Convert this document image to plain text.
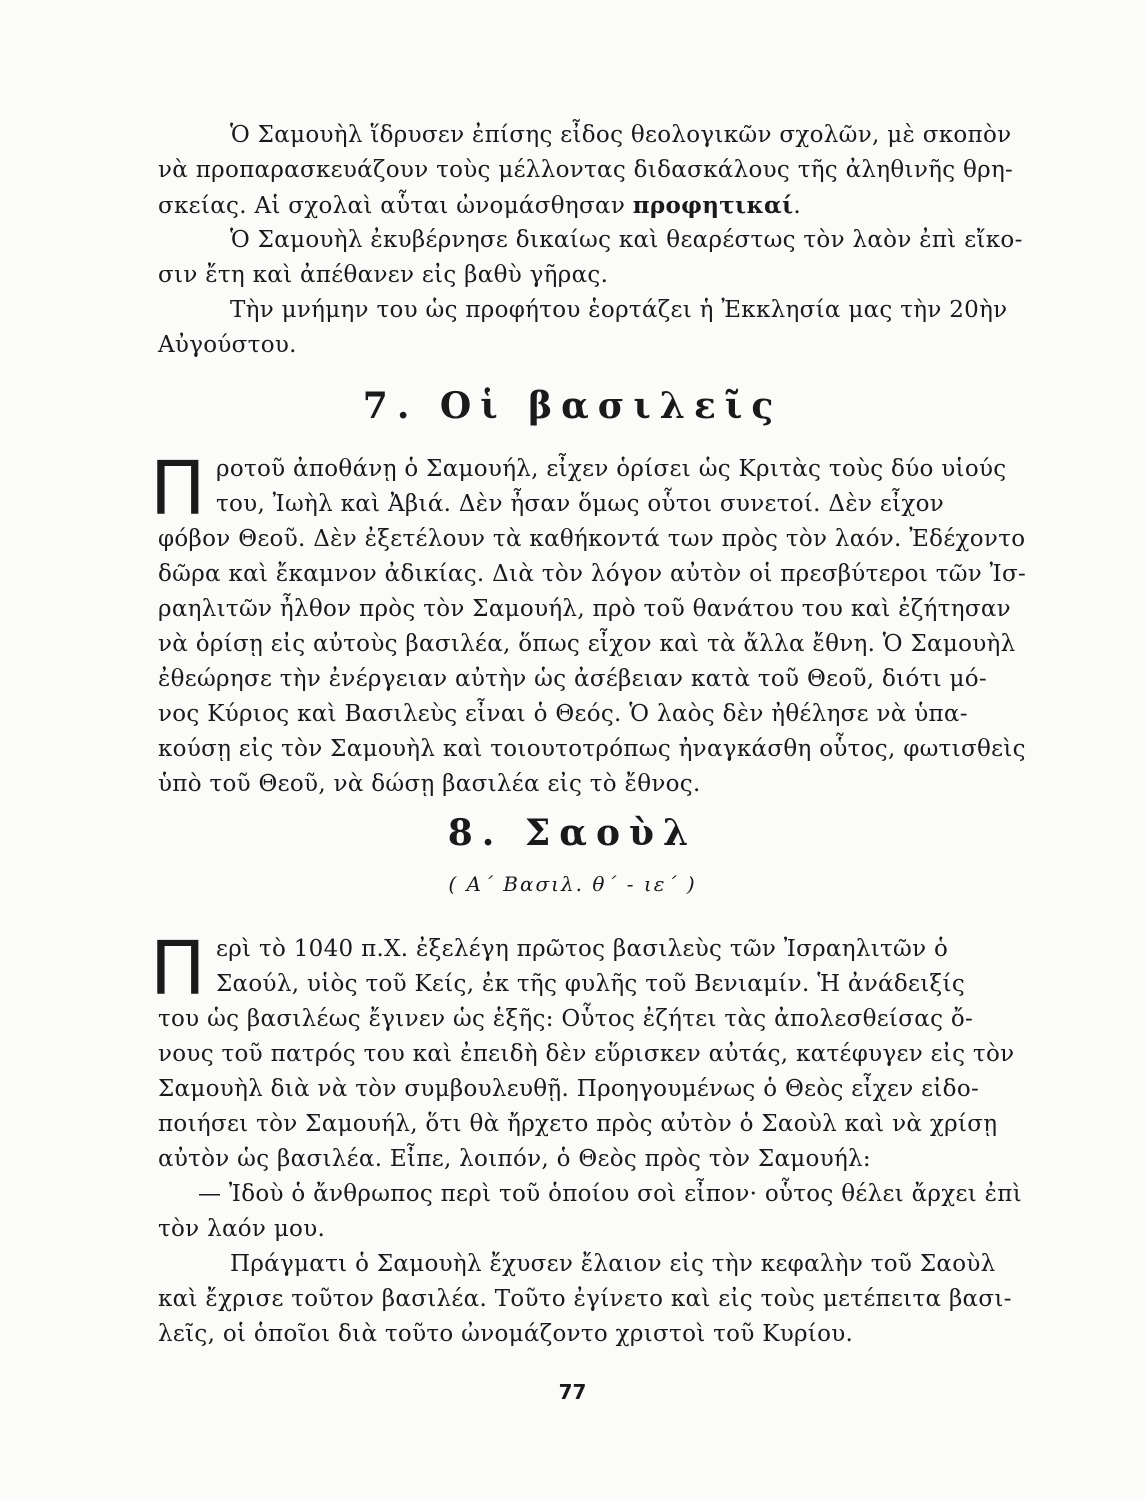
Ὁ Σαμουὴλ ἵδρυσεν ἐπίσης εἶδος θεολογικῶν σχολῶν, μὲ σκοπὸν
νὰ προπαρασκευάζουν τοὺς μέλλοντας διδασκάλους τῆς ἀληθινῆς θρη-
σκείας. Αἱ σχολαὶ αὗται ὠνομάσθησαν προφητικαί.
Ὁ Σαμουὴλ ἐκυβέρνησε δικαίως καὶ θεαρέστως τὸν λαὸν ἐπὶ εἴκο-
σιν ἔτη καὶ ἀπέθανεν εἰς βαθὺ γῆρας.
Τὴν μνήμην του ὡς προφήτου ἑορτάζει ἡ Ἐκκλησία μας τὴν 20ὴν
Αὐγούστου.
7. Οἱ βασιλεῖς
Π ροτοῦ ἀποθάνῃ ὁ Σαμουήλ, εἶχεν ὁρίσει ὡς Κριτὰς τοὺς δύο υἱούς
του, Ἰωὴλ καὶ Ἀβιά. Δὲν ἦσαν ὅμως οὗτοι συνετοί. Δὲν εἶχον
φόβον Θεοῦ. Δὲν ἐξετέλουν τὰ καθήκοντά των πρὸς τὸν λαόν. Ἐδέχοντο
δῶρα καὶ ἔκαμνον ἀδικίας. Διὰ τὸν λόγον αὐτὸν οἱ πρεσβύτεροι τῶν Ἰσ-
ραηλιτῶν ἦλθον πρὸς τὸν Σαμουήλ, πρὸ τοῦ θανάτου του καὶ ἐζήτησαν
νὰ ὁρίσῃ εἰς αὐτοὺς βασιλέα, ὅπως εἶχον καὶ τὰ ἄλλα ἔθνη. Ὁ Σαμουὴλ
ἐθεώρησε τὴν ἐνέργειαν αὐτὴν ὡς ἀσέβειαν κατὰ τοῦ Θεοῦ, διότι μό-
νος Κύριος καὶ Βασιλεὺς εἶναι ὁ Θεός. Ὁ λαὸς δὲν ἠθέλησε νὰ ὑπα-
κούσῃ εἰς τὸν Σαμουὴλ καὶ τοιουτοτρόπως ἠναγκάσθη οὗτος, φωτισθεὶς
ὑπὸ τοῦ Θεοῦ, νὰ δώσῃ βασιλέα εἰς τὸ ἔθνος.
8. Σαοὺλ
( Α΄ Βασιλ. θ΄ - ιε΄ )
Π ερὶ τὸ 1040 π.Χ. ἐξελέγη πρῶτος βασιλεὺς τῶν Ἰσραηλιτῶν ὁ
Σαούλ, υἱὸς τοῦ Κείς, ἐκ τῆς φυλῆς τοῦ Βενιαμίν. Ἡ ἀνάδειξίς
του ὡς βασιλέως ἔγινεν ὡς ἑξῆς: Οὗτος ἐζήτει τὰς ἀπολεσθείσας ὄ-
νους τοῦ πατρός του καὶ ἐπειδὴ δὲν εὕρισκεν αὐτάς, κατέφυγεν εἰς τὸν
Σαμουὴλ διὰ νὰ τὸν συμβουλευθῇ. Προηγουμένως ὁ Θεὸς εἶχεν εἰδο-
ποιήσει τὸν Σαμουήλ, ὅτι θὰ ἤρχετο πρὸς αὐτὸν ὁ Σαοὺλ καὶ νὰ χρίσῃ
αὐτὸν ὡς βασιλέα. Εἶπε, λοιπόν, ὁ Θεὸς πρὸς τὸν Σαμουήλ:
— Ἰδοὺ ὁ ἄνθρωπος περὶ τοῦ ὁποίου σοὶ εἶπον· οὗτος θέλει ἄρχει ἐπὶ
τὸν λαόν μου.
Πράγματι ὁ Σαμουὴλ ἔχυσεν ἔλαιον εἰς τὴν κεφαλὴν τοῦ Σαοὺλ
καὶ ἔχρισε τοῦτον βασιλέα. Τοῦτο ἐγίνετο καὶ εἰς τοὺς μετέπειτα βασι-
λεῖς, οἱ ὁποῖοι διὰ τοῦτο ὠνομάζοντο χριστοὶ τοῦ Κυρίου.
77
